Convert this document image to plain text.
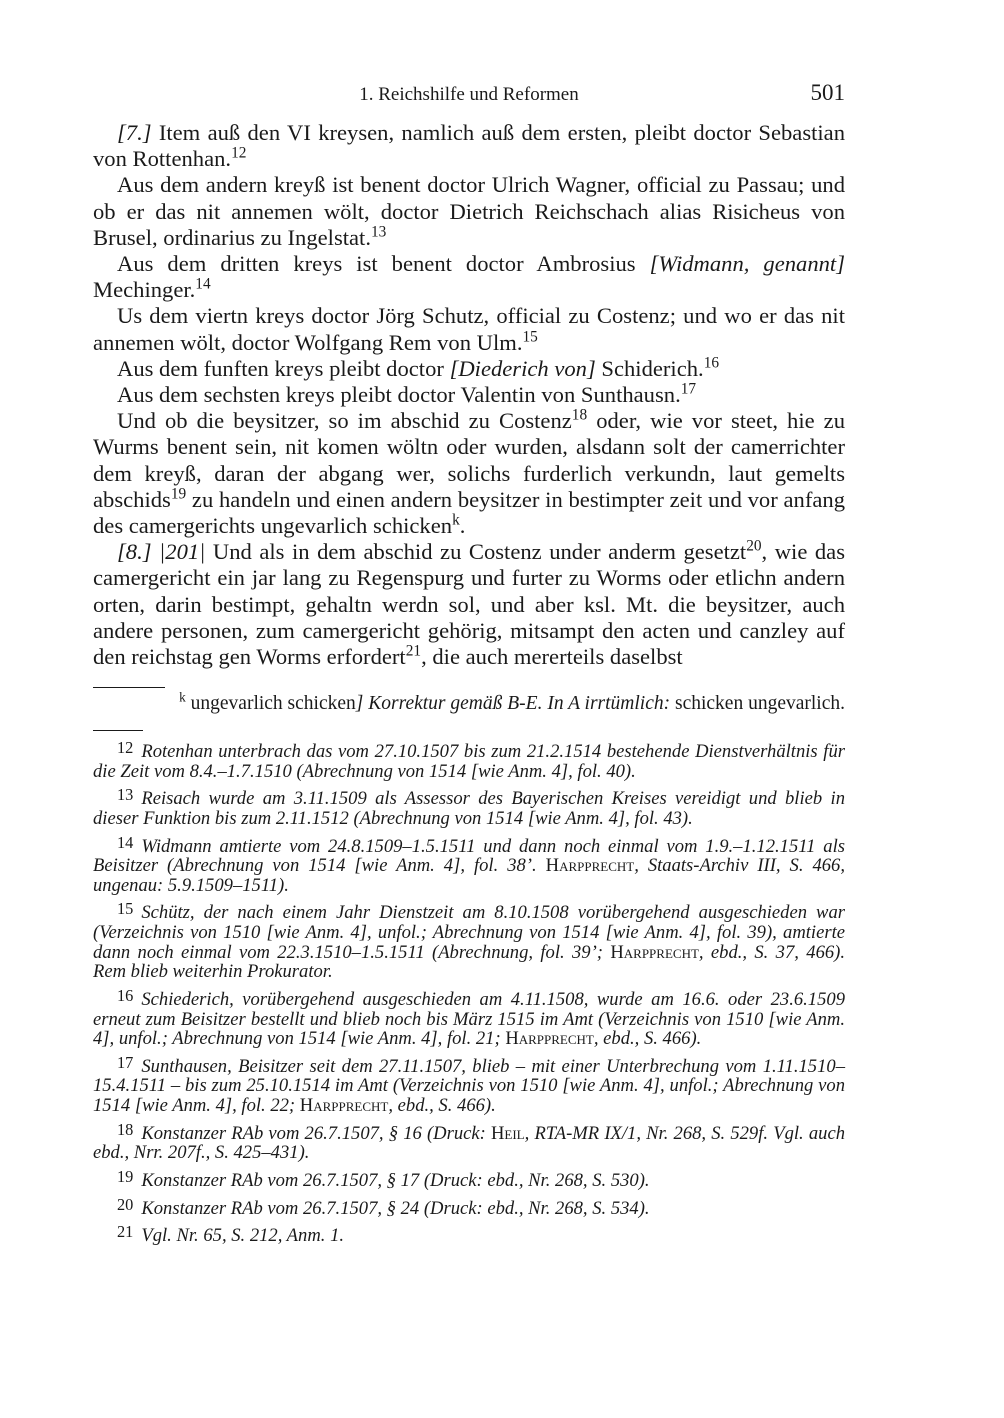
1. Reichshilfe und Reformen	501

[7.] Item auß den VI kreysen, namlich auß dem ersten, pleibt doctor Sebastian von Rottenhan.$^{12}$

Aus dem andern kreyß ist benent doctor Ulrich Wagner, official zu Passau; und ob er das nit annemen wölt, doctor Dietrich Reichschach alias Risicheus von Brusel, ordinarius zu Ingelstat.$^{13}$

Aus dem dritten kreys ist benent doctor Ambrosius [Widmann, genannt] Mechinger.$^{14}$

Us dem viertn kreys doctor Jörg Schutz, official zu Costenz; und wo er das nit annemen wölt, doctor Wolfgang Rem von Ulm.$^{15}$

Aus dem funften kreys pleibt doctor [Diederich von] Schiderich.$^{16}$

Aus dem sechsten kreys pleibt doctor Valentin von Sunthausn.$^{17}$

Und ob die beysitzer, so im abschid zu Costenz$^{18}$ oder, wie vor steet, hie zu Wurms benent sein, nit komen wöltn oder wurden, alsdann solt der camerrichter dem kreyß, daran der abgang wer, solichs furderlich verkundn, laut gemelts abschids$^{19}$ zu handeln und einen andern beysitzer in bestimpter zeit und vor anfang des camergerichts ungevarlich schicken$^k$.

[8.] |201| Und als in dem abschid zu Costenz under anderm gesetzt$^{20}$, wie das camergericht ein jar lang zu Regenspurg und furter zu Worms oder etlichn andern orten, darin bestimpt, gehaltn werdn sol, und aber ksl. Mt. die beysitzer, auch andere personen, zum camergericht gehörig, mitsampt den acten und canzley auf den reichstag gen Worms erfordert$^{21}$, die auch mererteils daselbst

$^k$ ungevarlich schicken] Korrektur gemäß B-E. In A irrtümlich: schicken ungevarlich.

12 Rotenhan unterbrach das vom 27.10.1507 bis zum 21.2.1514 bestehende Dienstverhältnis für die Zeit vom 8.4.–1.7.1510 (Abrechnung von 1514 [wie Anm. 4], fol. 40).

13 Reisach wurde am 3.11.1509 als Assessor des Bayerischen Kreises vereidigt und blieb in dieser Funktion bis zum 2.11.1512 (Abrechnung von 1514 [wie Anm. 4], fol. 43).

14 Widmann amtierte vom 24.8.1509–1.5.1511 und dann noch einmal vom 1.9.–1.12.1511 als Beisitzer (Abrechnung von 1514 [wie Anm. 4], fol. 38’. Harpprecht, Staats-Archiv III, S. 466, ungenau: 5.9.1509–1511).

15 Schütz, der nach einem Jahr Dienstzeit am 8.10.1508 vorübergehend ausgeschieden war (Verzeichnis von 1510 [wie Anm. 4], unfol.; Abrechnung von 1514 [wie Anm. 4], fol. 39), amtierte dann noch einmal vom 22.3.1510–1.5.1511 (Abrechnung, fol. 39’; Harpprecht, ebd., S. 37, 466). Rem blieb weiterhin Prokurator.

16 Schiederich, vorübergehend ausgeschieden am 4.11.1508, wurde am 16.6. oder 23.6.1509 erneut zum Beisitzer bestellt und blieb noch bis März 1515 im Amt (Verzeichnis von 1510 [wie Anm. 4], unfol.; Abrechnung von 1514 [wie Anm. 4], fol. 21; Harpprecht, ebd., S. 466).

17 Sunthausen, Beisitzer seit dem 27.11.1507, blieb – mit einer Unterbrechung vom 1.11.1510–15.4.1511 – bis zum 25.10.1514 im Amt (Verzeichnis von 1510 [wie Anm. 4], unfol.; Abrechnung von 1514 [wie Anm. 4], fol. 22; Harpprecht, ebd., S. 466).

18 Konstanzer RAb vom 26.7.1507, § 16 (Druck: Heil, RTA-MR IX/1, Nr. 268, S. 529f. Vgl. auch ebd., Nrr. 207f., S. 425–431).

19 Konstanzer RAb vom 26.7.1507, § 17 (Druck: ebd., Nr. 268, S. 530).

20 Konstanzer RAb vom 26.7.1507, § 24 (Druck: ebd., Nr. 268, S. 534).

21 Vgl. Nr. 65, S. 212, Anm. 1.
